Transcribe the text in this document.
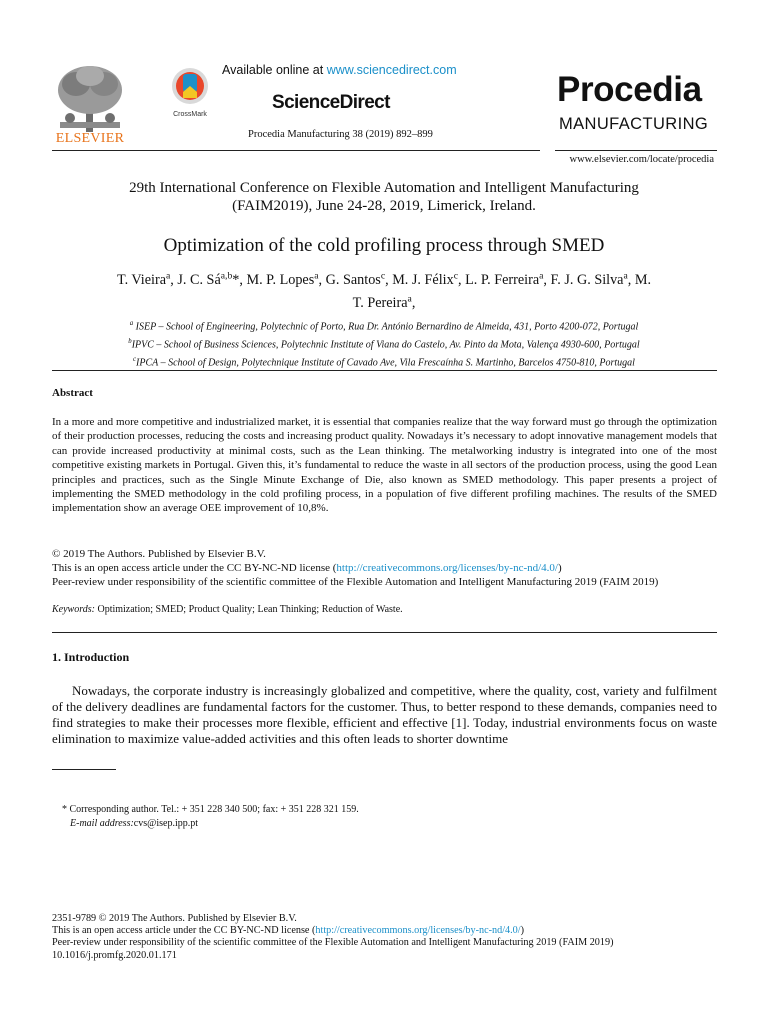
ELSEVIER
CrossMark
Available online at www.sciencedirect.com
ScienceDirect
Procedia Manufacturing 38 (2019) 892–899
Procedia
MANUFACTURING
www.elsevier.com/locate/procedia
29th International Conference on Flexible Automation and Intelligent Manufacturing
(FAIM2019), June 24-28, 2019, Limerick, Ireland.
Optimization of the cold profiling process through SMED
T. Vieira$^a$, J. C. Sá$^{a,b}$*, M. P. Lopes$^a$, G. Santos$^c$, M. J. Félix$^c$, L. P. Ferreira$^a$, F. J. G. Silva$^a$, M.
T. Pereira$^a$,
$^a$ ISEP – School of Engineering, Polytechnic of Porto, Rua Dr. António Bernardino de Almeida, 431, Porto 4200-072, Portugal
$^b$IPVC – School of Business Sciences, Polytechnic Institute of Viana do Castelo, Av. Pinto da Mota, Valença 4930-600, Portugal
$^c$IPCA – School of Design, Polytechnique Institute of Cavado Ave, Vila Frescaínha S. Martinho, Barcelos 4750-810, Portugal
Abstract
In a more and more competitive and industrialized market, it is essential that companies realize that the way forward must go through the optimization of their production processes, reducing the costs and increasing product quality. Nowadays it’s necessary to adopt innovative management models that can provide increased productivity at minimal costs, such as the Lean thinking. The metalworking industry is integrated into one of the most competitive existing markets in Portugal. Given this, it’s fundamental to reduce the waste in all sectors of the production process, using the good Lean principles and practices, such as the Single Minute Exchange of Die, also known as SMED methodology. This paper presents a project of implementing the SMED methodology in the cold profiling process, in a population of five different profiling machines. The results of the SMED implementation show an average OEE improvement of 10,8%.
© 2019 The Authors. Published by Elsevier B.V.
This is an open access article under the CC BY-NC-ND license (http://creativecommons.org/licenses/by-nc-nd/4.0/)
Peer-review under responsibility of the scientific committee of the Flexible Automation and Intelligent Manufacturing 2019 (FAIM 2019)
Keywords: Optimization; SMED; Product Quality; Lean Thinking; Reduction of Waste.
1. Introduction
Nowadays, the corporate industry is increasingly globalized and competitive, where the quality, cost, variety and fulfilment of the delivery deadlines are fundamental factors for the customer. Thus, to better respond to these demands, companies need to find strategies to make their processes more flexible, efficient and effective [1]. Today, industrial environments focus on waste elimination to maximize value-added activities and this often leads to shorter downtime
* Corresponding author. Tel.: + 351 228 340 500; fax: + 351 228 321 159.
E-mail address:cvs@isep.ipp.pt
2351-9789 © 2019 The Authors. Published by Elsevier B.V.
This is an open access article under the CC BY-NC-ND license (http://creativecommons.org/licenses/by-nc-nd/4.0/)
Peer-review under responsibility of the scientific committee of the Flexible Automation and Intelligent Manufacturing 2019 (FAIM 2019)
10.1016/j.promfg.2020.01.171
